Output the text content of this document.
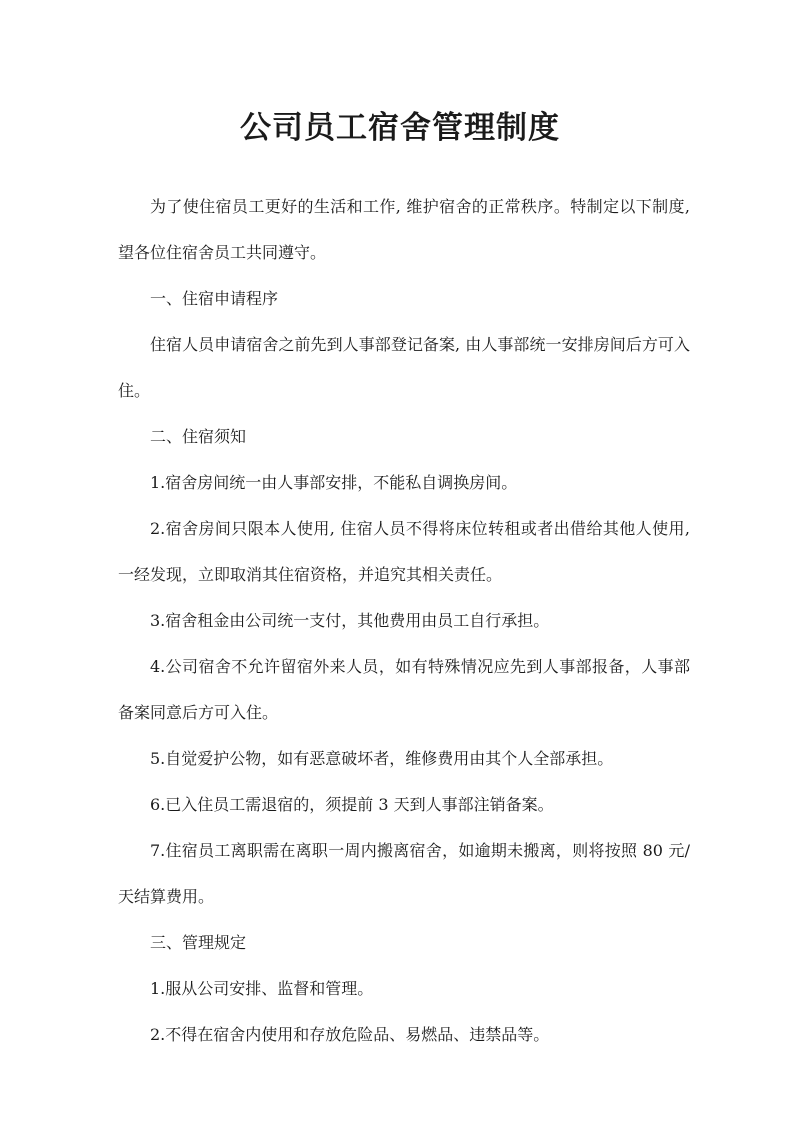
公司员工宿舍管理制度

为了使住宿员工更好的生活和工作, 维护宿舍的正常秩序。特制定以下制度, 望各位住宿舍员工共同遵守。

一、住宿申请程序

住宿人员申请宿舍之前先到人事部登记备案, 由人事部统一安排房间后方可入住。

二、住宿须知

1.宿舍房间统一由人事部安排，不能私自调换房间。

2.宿舍房间只限本人使用, 住宿人员不得将床位转租或者出借给其他人使用, 一经发现，立即取消其住宿资格，并追究其相关责任。

3.宿舍租金由公司统一支付，其他费用由员工自行承担。

4.公司宿舍不允许留宿外来人员，如有特殊情况应先到人事部报备，人事部备案同意后方可入住。

5.自觉爱护公物，如有恶意破坏者，维修费用由其个人全部承担。

6.已入住员工需退宿的，须提前 3 天到人事部注销备案。

7.住宿员工离职需在离职一周内搬离宿舍，如逾期未搬离，则将按照 80 元/天结算费用。

三、管理规定

1.服从公司安排、监督和管理。

2.不得在宿舍内使用和存放危险品、易燃品、违禁品等。
